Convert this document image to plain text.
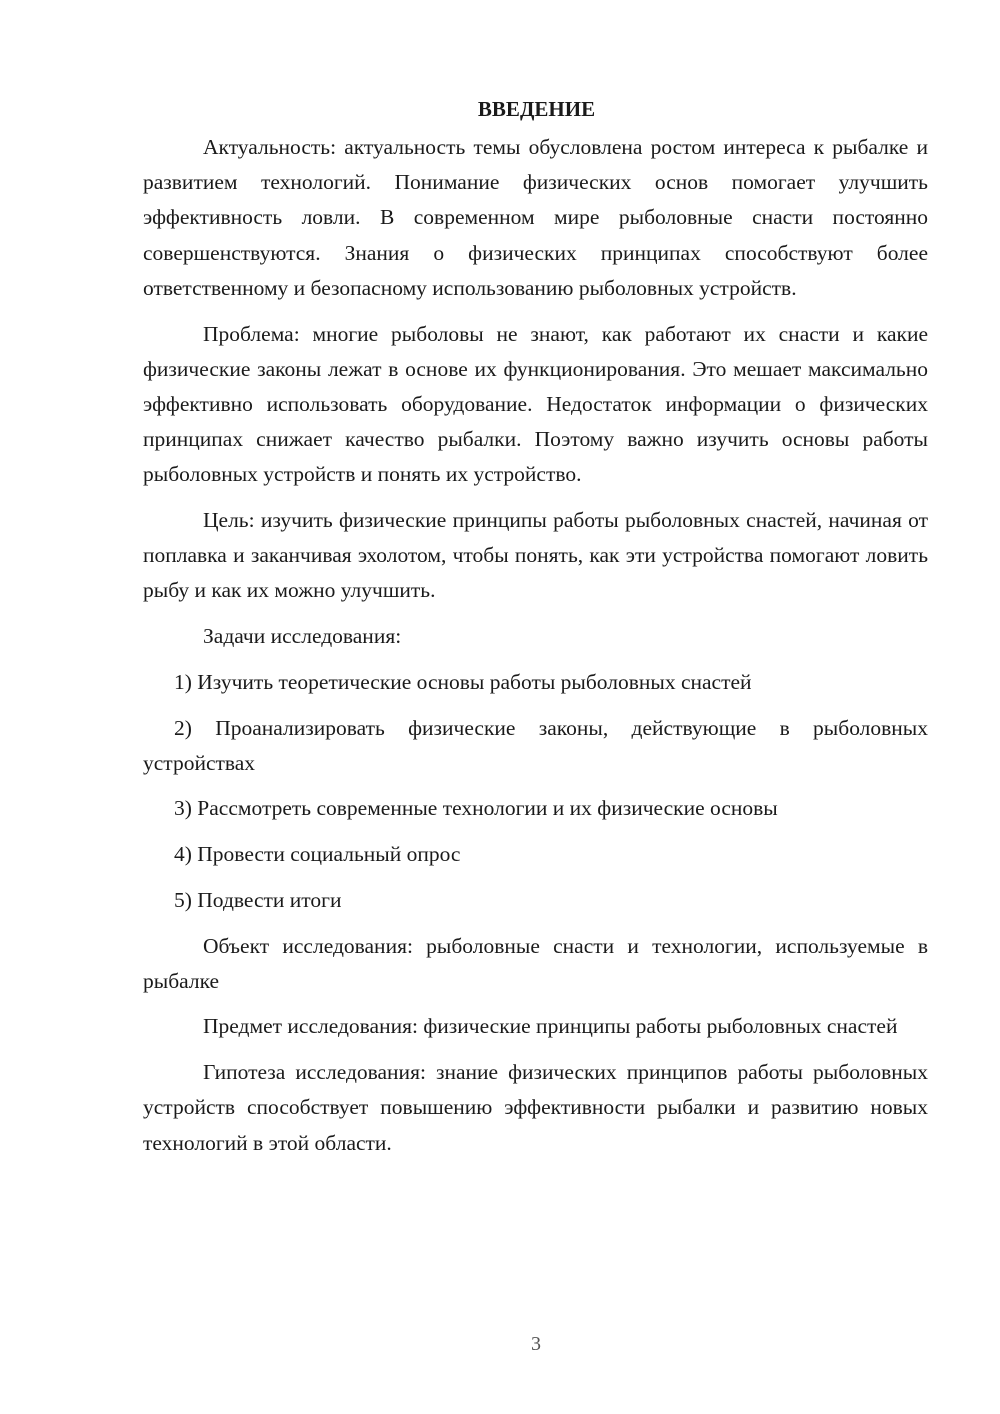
ВВЕДЕНИЕ

Актуальность: актуальность темы обусловлена ростом интереса к рыбалке и развитием технологий. Понимание физических основ помогает улучшить эффективность ловли. В современном мире рыболовные снасти постоянно совершенствуются. Знания о физических принципах способствуют более ответственному и безопасному использованию рыболовных устройств.

Проблема: многие рыболовы не знают, как работают их снасти и какие физические законы лежат в основе их функционирования. Это мешает максимально эффективно использовать оборудование. Недостаток информации о физических принципах снижает качество рыбалки. Поэтому важно изучить основы работы рыболовных устройств и понять их устройство.

Цель: изучить физические принципы работы рыболовных снастей, начиная от поплавка и заканчивая эхолотом, чтобы понять, как эти устройства помогают ловить рыбу и как их можно улучшить.

Задачи исследования:

1) Изучить теоретические основы работы рыболовных снастей

2) Проанализировать физические законы, действующие в рыболовных устройствах

3) Рассмотреть современные технологии и их физические основы

4) Провести социальный опрос

5) Подвести итоги

Объект исследования: рыболовные снасти и технологии, используемые в рыбалке

Предмет исследования: физические принципы работы рыболовных снастей

Гипотеза исследования: знание физических принципов работы рыболовных устройств способствует повышению эффективности рыбалки и развитию новых технологий в этой области.

3
